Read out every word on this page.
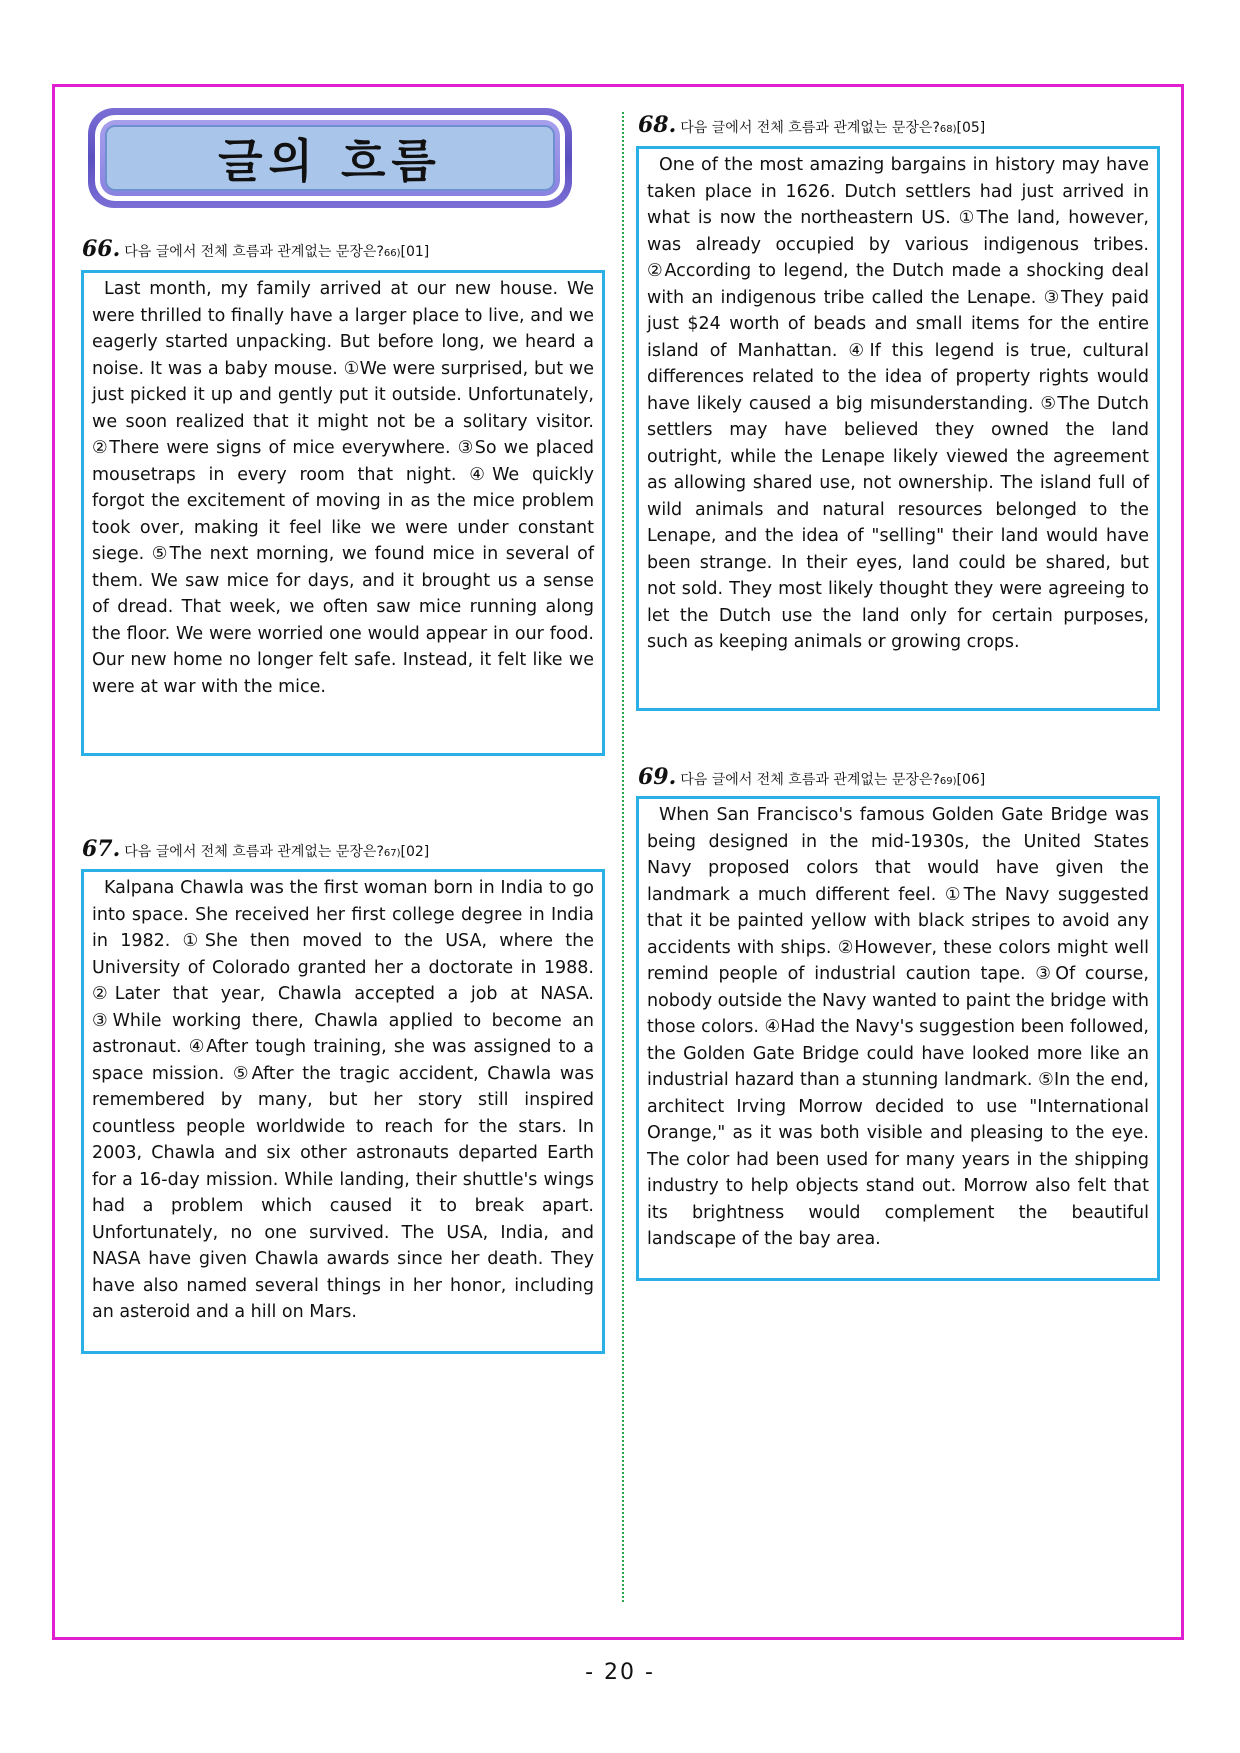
글의 흐름
66. 다음 글에서 전체 흐름과 관계없는 문장은? 66) [01]
Last month, my family arrived at our new house. We were thrilled to finally have a larger place to live, and we eagerly started unpacking. But before long, we heard a noise. It was a baby mouse. ①We were surprised, but we just picked it up and gently put it outside. Unfortunately, we soon realized that it might not be a solitary visitor. ②There were signs of mice everywhere. ③So we placed mousetraps in every room that night. ④We quickly forgot the excitement of moving in as the mice problem took over, making it feel like we were under constant siege. ⑤The next morning, we found mice in several of them. We saw mice for days, and it brought us a sense of dread. That week, we often saw mice running along the floor. We were worried one would appear in our food. Our new home no longer felt safe. Instead, it felt like we were at war with the mice.
67. 다음 글에서 전체 흐름과 관계없는 문장은? 67) [02]
Kalpana Chawla was the first woman born in India to go into space. She received her first college degree in India in 1982. ①She then moved to the USA, where the University of Colorado granted her a doctorate in 1988. ②Later that year, Chawla accepted a job at NASA. ③While working there, Chawla applied to become an astronaut. ④After tough training, she was assigned to a space mission. ⑤After the tragic accident, Chawla was remembered by many, but her story still inspired countless people worldwide to reach for the stars. In 2003, Chawla and six other astronauts departed Earth for a 16-day mission. While landing, their shuttle's wings had a problem which caused it to break apart. Unfortunately, no one survived. The USA, India, and NASA have given Chawla awards since her death. They have also named several things in her honor, including an asteroid and a hill on Mars.
68. 다음 글에서 전체 흐름과 관계없는 문장은? 68) [05]
One of the most amazing bargains in history may have taken place in 1626. Dutch settlers had just arrived in what is now the northeastern US. ①The land, however, was already occupied by various indigenous tribes. ②According to legend, the Dutch made a shocking deal with an indigenous tribe called the Lenape. ③They paid just $24 worth of beads and small items for the entire island of Manhattan. ④If this legend is true, cultural differences related to the idea of property rights would have likely caused a big misunderstanding. ⑤The Dutch settlers may have believed they owned the land outright, while the Lenape likely viewed the agreement as allowing shared use, not ownership. The island full of wild animals and natural resources belonged to the Lenape, and the idea of "selling" their land would have been strange. In their eyes, land could be shared, but not sold. They most likely thought they were agreeing to let the Dutch use the land only for certain purposes, such as keeping animals or growing crops.
69. 다음 글에서 전체 흐름과 관계없는 문장은? 69) [06]
When San Francisco's famous Golden Gate Bridge was being designed in the mid-1930s, the United States Navy proposed colors that would have given the landmark a much different feel. ①The Navy suggested that it be painted yellow with black stripes to avoid any accidents with ships. ②However, these colors might well remind people of industrial caution tape. ③Of course, nobody outside the Navy wanted to paint the bridge with those colors. ④Had the Navy's suggestion been followed, the Golden Gate Bridge could have looked more like an industrial hazard than a stunning landmark. ⑤In the end, architect Irving Morrow decided to use "International Orange," as it was both visible and pleasing to the eye. The color had been used for many years in the shipping industry to help objects stand out. Morrow also felt that its brightness would complement the beautiful landscape of the bay area.
- 20 -
